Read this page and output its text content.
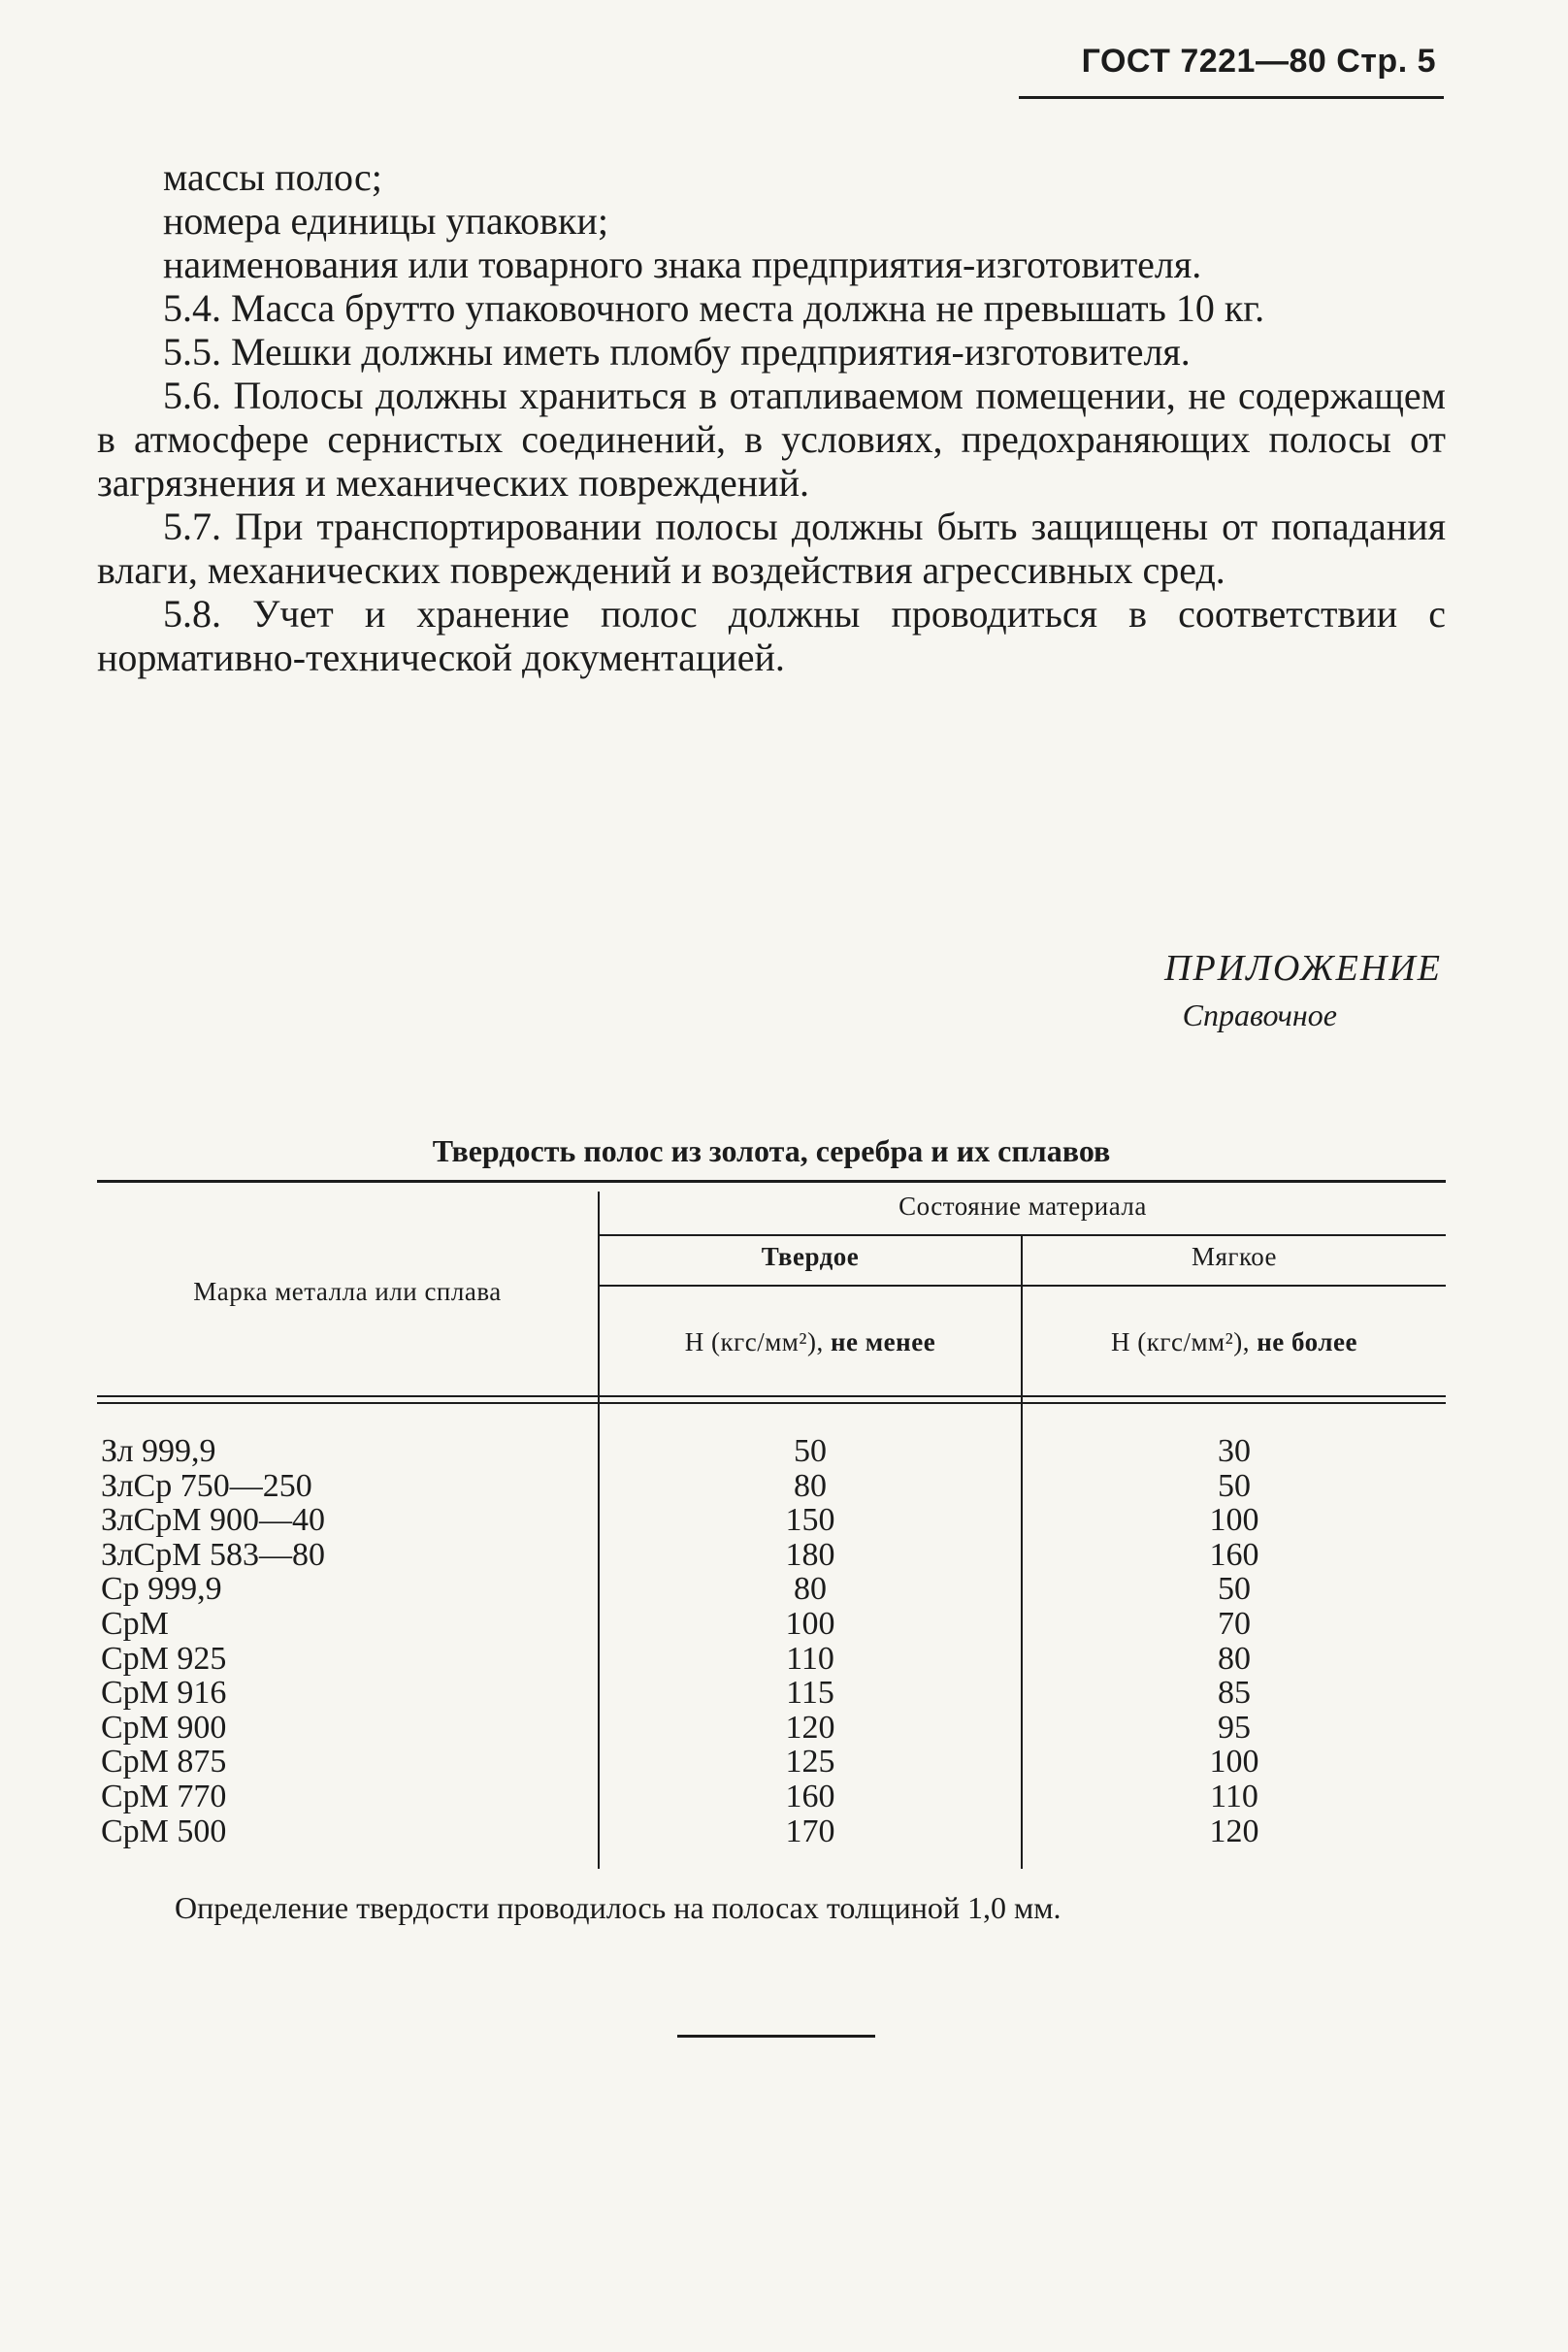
ГОСТ 7221—80 Стр. 5

массы полос;

номера единицы упаковки;

наименования или товарного знака предприятия-изготовителя.

5.4. Масса брутто упаковочного места должна не превышать 10 кг.

5.5. Мешки должны иметь пломбу предприятия-изготовителя.

5.6. Полосы должны храниться в отапливаемом помещении, не содержащем в атмосфере сернистых соединений, в условиях, предохраняющих полосы от загрязнения и механических повреждений.

5.7. При транспортировании полосы должны быть защищены от попадания влаги, механических повреждений и воздействия агрессивных сред.

5.8. Учет и хранение полос должны проводиться в соответствии с нормативно-технической документацией.

ПРИЛОЖЕНИЕ
Справочное
Твердость полос из золота, серебра и их сплавов
Марка металла или сплава
Состояние материала
Твердое	Мягкое
Н (кгс/мм²), не менее	Н (кгс/мм²), не более
Зл 999,9	50	30
ЗлСр 750—250	80	50
ЗлСрМ 900—40	150	100
ЗлСрМ 583—80	180	160
Ср 999,9	80	50
СрМ	100	70
СрМ 925	110	80
СрМ 916	115	85
СрМ 900	120	95
СрМ 875	125	100
СрМ 770	160	110
СрМ 500	170	120
Определение твердости проводилось на полосах толщиной 1,0 мм.
